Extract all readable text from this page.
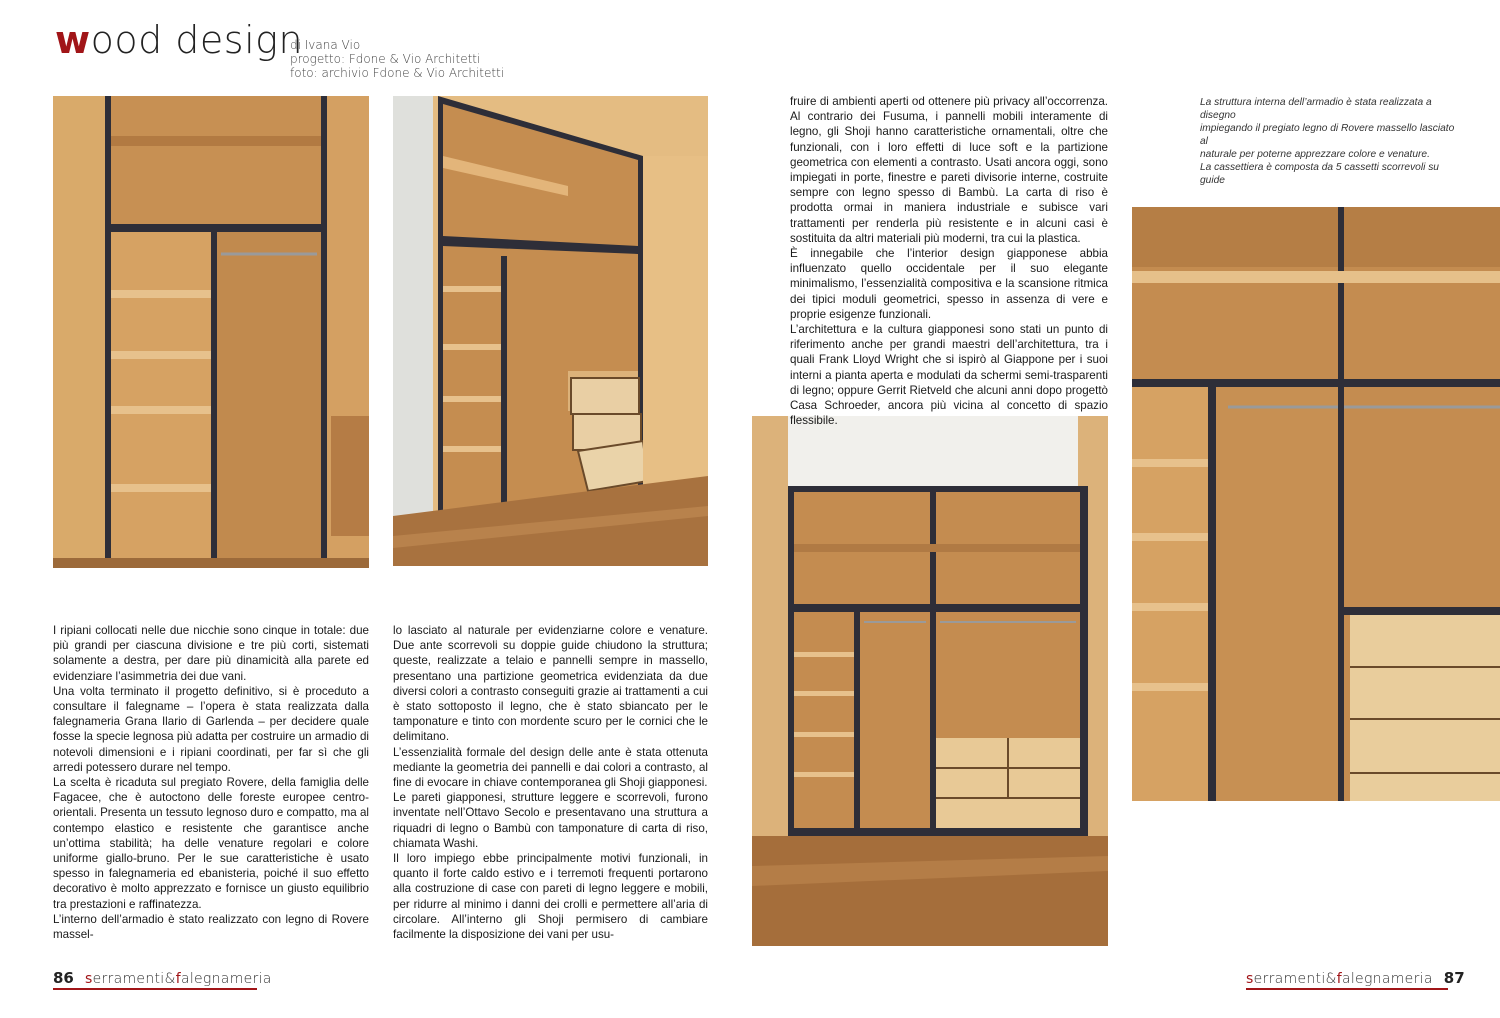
wood design
di Ivana Vio
progetto: Fdone & Vio Architetti
foto: archivio Fdone & Vio Architetti
La struttura interna dell’armadio è stata realizzata a disegno
impiegando il pregiato legno di Rovere massello lasciato al
naturale per poterne apprezzare colore e venature.
La cassettiera è composta da 5 cassetti scorrevoli su guide

I ripiani collocati nelle due nicchie sono cinque in totale: due più grandi per ciascuna divisione e tre più corti, sistemati solamente a destra, per dare più dinamicità alla parete ed evidenziare l’asimmetria dei due vani.

Una volta terminato il progetto definitivo, si è proceduto a consultare il falegname – l’opera è stata realizzata dalla falegnameria Grana Ilario di Garlenda – per decidere quale fosse la specie legnosa più adatta per costruire un armadio di notevoli dimensioni e i ripiani coordinati, per far sì che gli arredi potessero durare nel tempo.

La scelta è ricaduta sul pregiato Rovere, della famiglia delle Fagacee, che è autoctono delle foreste europee centro-orientali. Presenta un tessuto legnoso duro e compatto, ma al contempo elastico e resistente che garantisce anche un’ottima stabilità; ha delle venature regolari e colore uniforme giallo-bruno. Per le sue caratteristiche è usato spesso in falegnameria ed ebanisteria, poiché il suo effetto decorativo è molto apprezzato e fornisce un giusto equilibrio tra prestazioni e raffinatezza.

L’interno dell’armadio è stato realizzato con legno di Rovere massel-

lo lasciato al naturale per evidenziarne colore e venature. Due ante scorrevoli su doppie guide chiudono la struttura; queste, realizzate a telaio e pannelli sempre in massello, presentano una partizione geometrica evidenziata da due diversi colori a contrasto conseguiti grazie ai trattamenti a cui è stato sottoposto il legno, che è stato sbiancato per le tamponature e tinto con mordente scuro per le cornici che le delimitano.

L’essenzialità formale del design delle ante è stata ottenuta mediante la geometria dei pannelli e dai colori a contrasto, al fine di evocare in chiave contemporanea gli Shoji giapponesi.

Le pareti giapponesi, strutture leggere e scorrevoli, furono inventate nell’Ottavo Secolo e presentavano una struttura a riquadri di legno o Bambù con tamponature di carta di riso, chiamata Washi.

Il loro impiego ebbe principalmente motivi funzionali, in quanto il forte caldo estivo e i terremoti frequenti portarono alla costruzione di case con pareti di legno leggere e mobili, per ridurre al minimo i danni dei crolli e permettere all’aria di circolare. All’interno gli Shoji permisero di cambiare facilmente la disposizione dei vani per usu-

fruire di ambienti aperti od ottenere più privacy all’occorrenza. Al contrario dei Fusuma, i pannelli mobili interamente di legno, gli Shoji hanno caratteristiche ornamentali, oltre che funzionali, con i loro effetti di luce soft e la partizione geometrica con elementi a contrasto. Usati ancora oggi, sono impiegati in porte, finestre e pareti divisorie interne, costruite sempre con legno spesso di Bambù. La carta di riso è prodotta ormai in maniera industriale e subisce vari trattamenti per renderla più resistente e in alcuni casi è sostituita da altri materiali più moderni, tra cui la plastica.

È innegabile che l’interior design giapponese abbia influenzato quello occidentale per il suo elegante minimalismo, l’essenzialità compositiva e la scansione ritmica dei tipici moduli geometrici, spesso in assenza di vere e proprie esigenze funzionali.

L’architettura e la cultura giapponesi sono stati un punto di riferimento anche per grandi maestri dell’architettura, tra i quali Frank Lloyd Wright che si ispirò al Giappone per i suoi interni a pianta aperta e modulati da schermi semi-trasparenti di legno; oppure Gerrit Rietveld che alcuni anni dopo progettò Casa Schroeder, ancora più vicina al concetto di spazio flessibile.

86 serramenti&falegnameria	serramenti&falegnameria 87
